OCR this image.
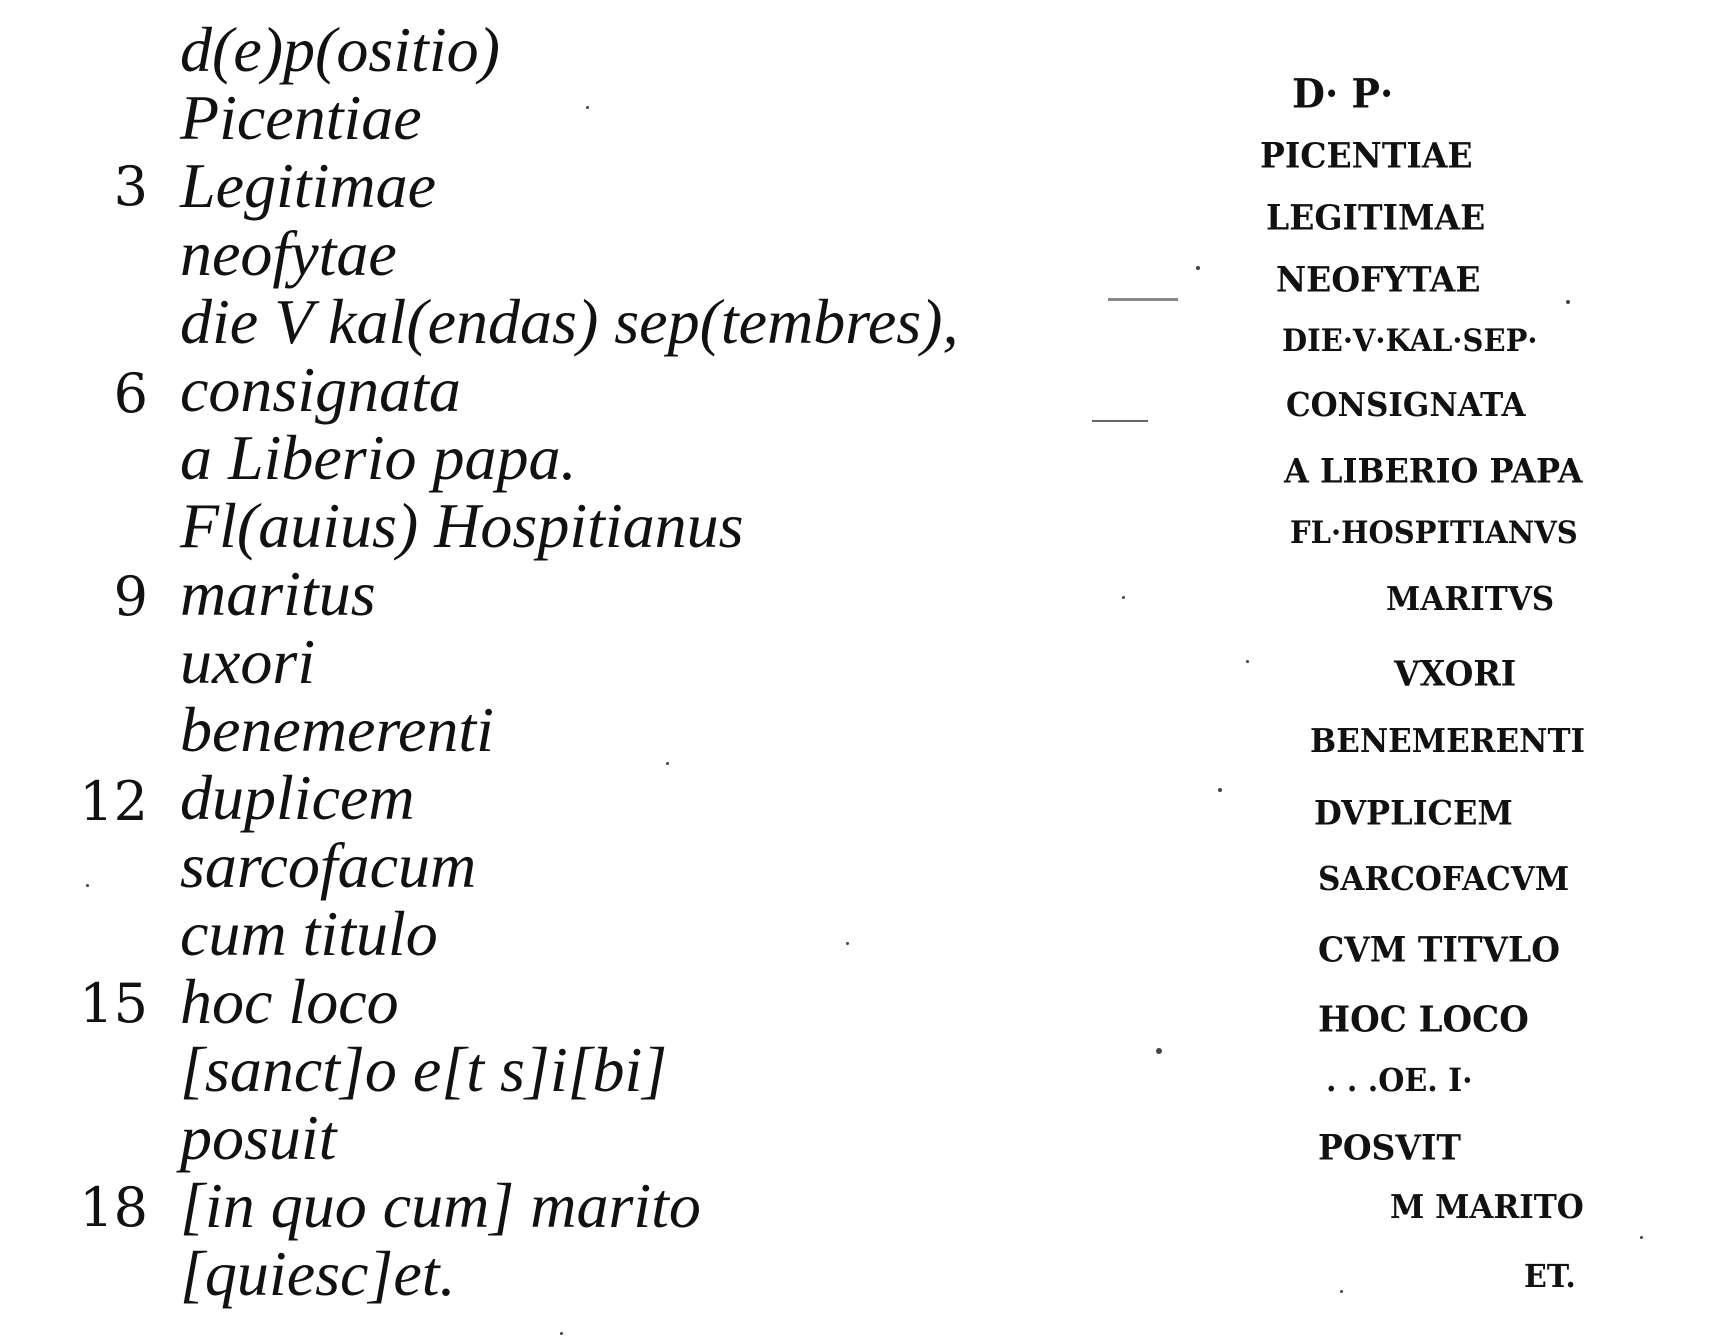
d(e)p(ositio)
Picentiae
3 Legitimae
neofytae
die V kal(endas) sep(tembres),
6 consignata
a Liberio papa.
Fl(auius) Hospitianus
9 maritus
uxori
benemerenti
12 duplicem
sarcofacum
cum titulo
15 hoc loco
[sanct]o e[t s]i[bi]
posuit
18 [in quo cum] marito
[quiesc]et.
D· P·
PICENTIAE
LEGITIMAE
NEOFYTAE
DIE·V·KAL·SEP·
CONSIGNATA
A LIBERIO PAPA
FL·HOSPITIANVS
MARITVS
VXORI
BENEMERENTI
DVPLICEM
SARCOFACVM
CVM TITVLO
HOC LOCO
. . .OE. I·
POSVIT
M MARITO
ET.
